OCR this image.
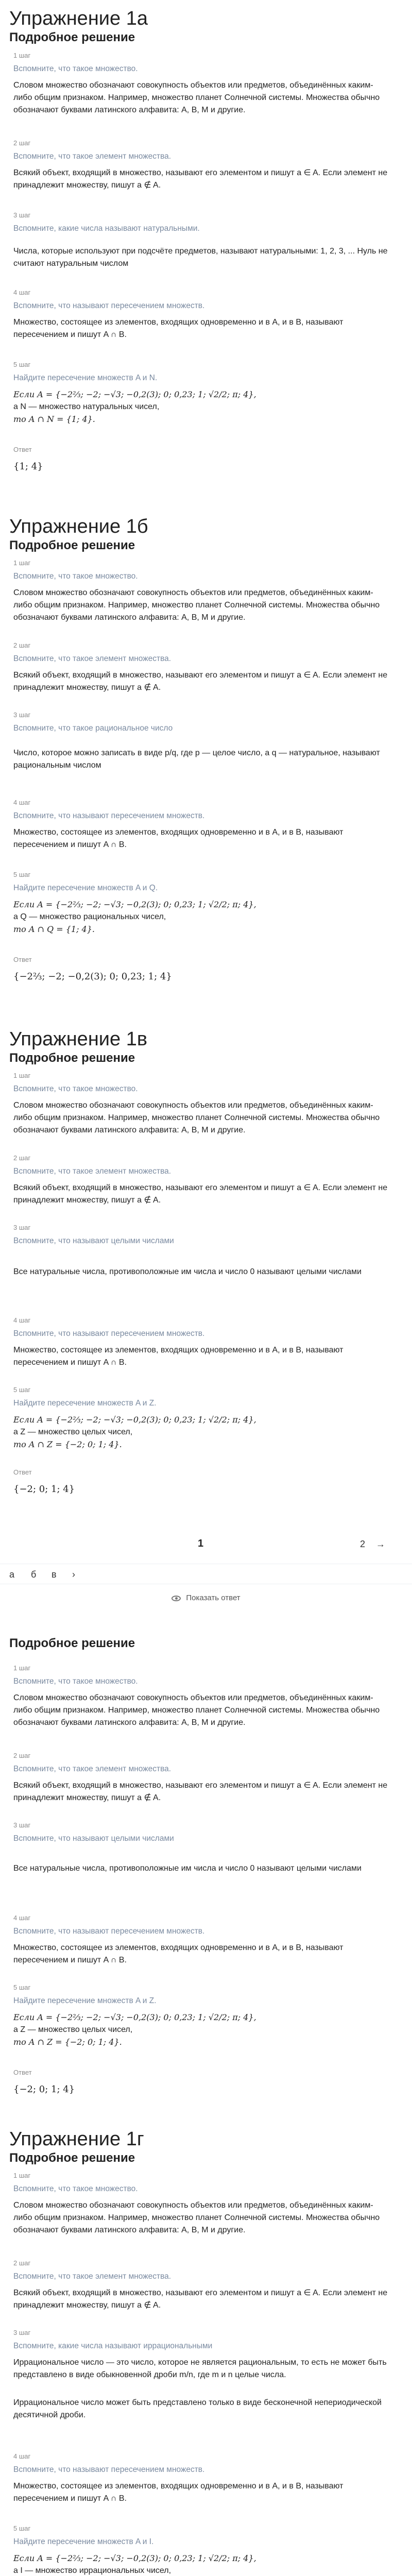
Упражнение 1а
Подробное решение
1 шаг
Вспомните, что такое множество.
Словом множество обозначают совокупность объектов или предметов, объединённых каким-либо общим признаком. Например, множество планет Солнечной системы. Множества обычно обозначают буквами латинского алфавита: A, B, M и другие.
2 шаг
Вспомните, что такое элемент множества.
Всякий объект, входящий в множество, называют его элементом и пишут a ∈ A. Если элемент не принадлежит множеству, пишут a ∉ A.
3 шаг
Вспомните, какие числа называют натуральными.
Числа, которые используют при подсчёте предметов, называют натуральными: 1, 2, 3, ... Нуль не считают натуральным числом
4 шаг
Вспомните, что называют пересечением множеств.
Множество, состоящее из элементов, входящих одновременно и в A, и в B, называют пересечением и пишут A ∩ B.
5 шаг
Найдите пересечение множеств A и N.
Если A = {−2⅔; −2; −√3; −0,2(3); 0; 0,23; 1; √2/2; π; 4},
а N — множество натуральных чисел,
то A ∩ N = {1; 4}.
Ответ
{1; 4}
Упражнение 1б
Подробное решение
1 шаг
Вспомните, что такое множество.
Словом множество обозначают совокупность объектов или предметов, объединённых каким-либо общим признаком. Например, множество планет Солнечной системы. Множества обычно обозначают буквами латинского алфавита: A, B, M и другие.
2 шаг
Вспомните, что такое элемент множества.
Всякий объект, входящий в множество, называют его элементом и пишут a ∈ A. Если элемент не принадлежит множеству, пишут a ∉ A.
3 шаг
Вспомните, что такое рациональное число
Число, которое можно записать в виде p/q, где p — целое число, а q — натуральное, называют рациональным числом
4 шаг
Вспомните, что называют пересечением множеств.
Множество, состоящее из элементов, входящих одновременно и в A, и в B, называют пересечением и пишут A ∩ B.
5 шаг
Найдите пересечение множеств A и Q.
Если A = {−2⅔; −2; −√3; −0,2(3); 0; 0,23; 1; √2/2; π; 4},
а Q — множество рациональных чисел,
то A ∩ Q = {1; 4}.
Ответ
{−2⅔; −2; −0,2(3); 0; 0,23; 1; 4}
Упражнение 1в
Подробное решение
1 шаг
Вспомните, что такое множество.
Словом множество обозначают совокупность объектов или предметов, объединённых каким-либо общим признаком. Например, множество планет Солнечной системы. Множества обычно обозначают буквами латинского алфавита: A, B, M и другие.
2 шаг
Вспомните, что такое элемент множества.
Всякий объект, входящий в множество, называют его элементом и пишут a ∈ A. Если элемент не принадлежит множеству, пишут a ∉ A.
3 шаг
Вспомните, что называют целыми числами
Все натуральные числа, противоположные им числа и число 0 называют целыми числами
4 шаг
Вспомните, что называют пересечением множеств.
Множество, состоящее из элементов, входящих одновременно и в A, и в B, называют пересечением и пишут A ∩ B.
5 шаг
Найдите пересечение множеств A и Z.
Если A = {−2⅔; −2; −√3; −0,2(3); 0; 0,23; 1; √2/2; π; 4},
а Z — множество целых чисел,
то A ∩ Z = {−2; 0; 1; 4}.
Ответ
{−2; 0; 1; 4}
1	2 →
а б в ›
Показать ответ
Подробное решение
1 шаг
Вспомните, что такое множество.
Словом множество обозначают совокупность объектов или предметов, объединённых каким-либо общим признаком. Например, множество планет Солнечной системы. Множества обычно обозначают буквами латинского алфавита: A, B, M и другие.
2 шаг
Вспомните, что такое элемент множества.
Всякий объект, входящий в множество, называют его элементом и пишут a ∈ A. Если элемент не принадлежит множеству, пишут a ∉ A.
3 шаг
Вспомните, что называют целыми числами
Все натуральные числа, противоположные им числа и число 0 называют целыми числами
4 шаг
Вспомните, что называют пересечением множеств.
Множество, состоящее из элементов, входящих одновременно и в A, и в B, называют пересечением и пишут A ∩ B.
5 шаг
Найдите пересечение множеств A и Z.
Если A = {−2⅔; −2; −√3; −0,2(3); 0; 0,23; 1; √2/2; π; 4},
а Z — множество целых чисел,
то A ∩ Z = {−2; 0; 1; 4}.
Ответ
{−2; 0; 1; 4}
Упражнение 1г
Подробное решение
1 шаг
Вспомните, что такое множество.
Словом множество обозначают совокупность объектов или предметов, объединённых каким-либо общим признаком. Например, множество планет Солнечной системы. Множества обычно обозначают буквами латинского алфавита: A, B, M и другие.
2 шаг
Вспомните, что такое элемент множества.
Всякий объект, входящий в множество, называют его элементом и пишут a ∈ A. Если элемент не принадлежит множеству, пишут a ∉ A.
3 шаг
Вспомните, какие числа называют иррациональными
Иррациональное число — это число, которое не является рациональным, то есть не может быть представлено в виде обыкновенной дроби m/n, где m и n целые числа.
Иррациональное число может быть представлено только в виде бесконечной непериодической десятичной дроби.
4 шаг
Вспомните, что называют пересечением множеств.
Множество, состоящее из элементов, входящих одновременно и в A, и в B, называют пересечением и пишут A ∩ B.
5 шаг
Найдите пересечение множеств A и I.
Если A = {−2⅔; −2; −√3; −0,2(3); 0; 0,23; 1; √2/2; π; 4},
а I — множество иррациональных чисел,
